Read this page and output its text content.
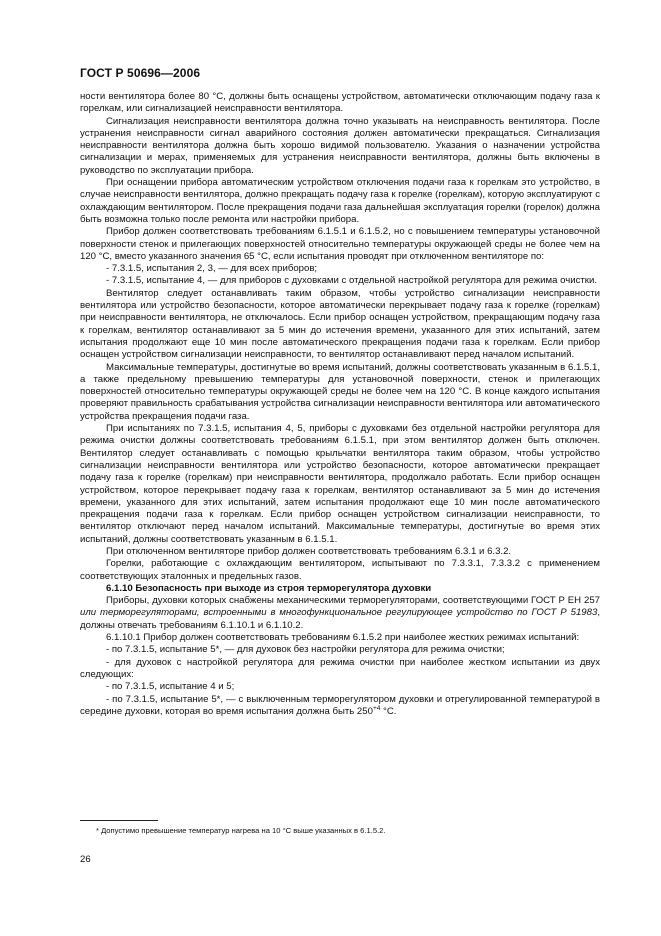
ГОСТ Р 50696—2006

ности вентилятора более 80 °С, должны быть оснащены устройством, автоматически отключающим подачу газа к горелкам, или сигнализацией неисправности вентилятора.

Сигнализация неисправности вентилятора должна точно указывать на неисправность вентилятора. После устранения неисправности сигнал аварийного состояния должен автоматически прекращаться. Сигнализация неисправности вентилятора должна быть хорошо видимой пользователю. Указания о назначении устройства сигнализации и мерах, применяемых для устранения неисправности вентилятора, должны быть включены в руководство по эксплуатации прибора.

При оснащении прибора автоматическим устройством отключения подачи газа к горелкам это устройство, в случае неисправности вентилятора, должно прекращать подачу газа к горелке (горелкам), которую эксплуатируют с охлаждающим вентилятором. После прекращения подачи газа дальнейшая эксплуатация горелки (горелок) должна быть возможна только после ремонта или настройки прибора.

Прибор должен соответствовать требованиям 6.1.5.1 и 6.1.5.2, но с повышением температуры установочной поверхности стенок и прилегающих поверхностей относительно температуры окружающей среды не более чем на 120 °С, вместо указанного значения 65 °С, если испытания проводят при отключенном вентиляторе по:

- 7.3.1.5, испытания 2, 3, — для всех приборов;

- 7.3.1.5, испытание 4, — для приборов с духовками с отдельной настройкой регулятора для режима очистки.

Вентилятор следует останавливать таким образом, чтобы устройство сигнализации неисправности вентилятора или устройство безопасности, которое автоматически перекрывает подачу газа к горелке (горелкам) при неисправности вентилятора, не отключалось. Если прибор оснащен устройством, прекращающим подачу газа к горелкам, вентилятор останавливают за 5 мин до истечения времени, указанного для этих испытаний, затем испытания продолжают еще 10 мин после автоматического прекращения подачи газа к горелкам. Если прибор оснащен устройством сигнализации неисправности, то вентилятор останавливают перед началом испытаний.

Максимальные температуры, достигнутые во время испытаний, должны соответствовать указанным в 6.1.5.1, а также предельному превышению температуры для установочной поверхности, стенок и прилегающих поверхностей относительно температуры окружающей среды не более чем на 120 °С. В конце каждого испытания проверяют правильность срабатывания устройства сигнализации неисправности вентилятора или автоматического устройства прекращения подачи газа.

При испытаниях по 7.3.1.5, испытания 4, 5, приборы с духовками без отдельной настройки регулятора для режима очистки должны соответствовать требованиям 6.1.5.1, при этом вентилятор должен быть отключен. Вентилятор следует останавливать с помощью крыльчатки вентилятора таким образом, чтобы устройство сигнализации неисправности вентилятора или устройство безопасности, которое автоматически прекращает подачу газа к горелке (горелкам) при неисправности вентилятора, продолжало работать. Если прибор оснащен устройством, которое перекрывает подачу газа к горелкам, вентилятор останавливают за 5 мин до истечения времени, указанного для этих испытаний, затем испытания продолжают еще 10 мин после автоматического прекращения подачи газа к горелкам. Если прибор оснащен устройством сигнализации неисправности, то вентилятор отключают перед началом испытаний. Максимальные температуры, достигнутые во время этих испытаний, должны соответствовать указанным в 6.1.5.1.

При отключенном вентиляторе прибор должен соответствовать требованиям 6.3.1 и 6.3.2.

Горелки, работающие с охлаждающим вентилятором, испытывают по 7.3.3.1, 7.3.3.2 с применением соответствующих эталонных и предельных газов.

6.1.10 Безопасность при выходе из строя терморегулятора духовки

Приборы, духовки которых снабжены механическими терморегуляторами, соответствующими ГОСТ Р ЕН 257 или терморегуляторами, встроенными в многофункциональное регулирующее устройство по ГОСТ Р 51983, должны отвечать требованиям 6.1.10.1 и 6.1.10.2.

6.1.10.1 Прибор должен соответствовать требованиям 6.1.5.2 при наиболее жестких режимах испытаний:

- по 7.3.1.5, испытание 5*, — для духовок без настройки регулятора для режима очистки;

- для духовок с настройкой регулятора для режима очистки при наиболее жестком испытании из двух следующих:

- по 7.3.1.5, испытание 4 и 5;

- по 7.3.1.5, испытание 5*, — с выключенным терморегулятором духовки и отрегулированной температурой в середине духовки, которая во время испытания должна быть $250^{+4}$ °С.

* Допустимо превышение температур нагрева на 10 °С выше указанных в 6.1.5.2.
26
